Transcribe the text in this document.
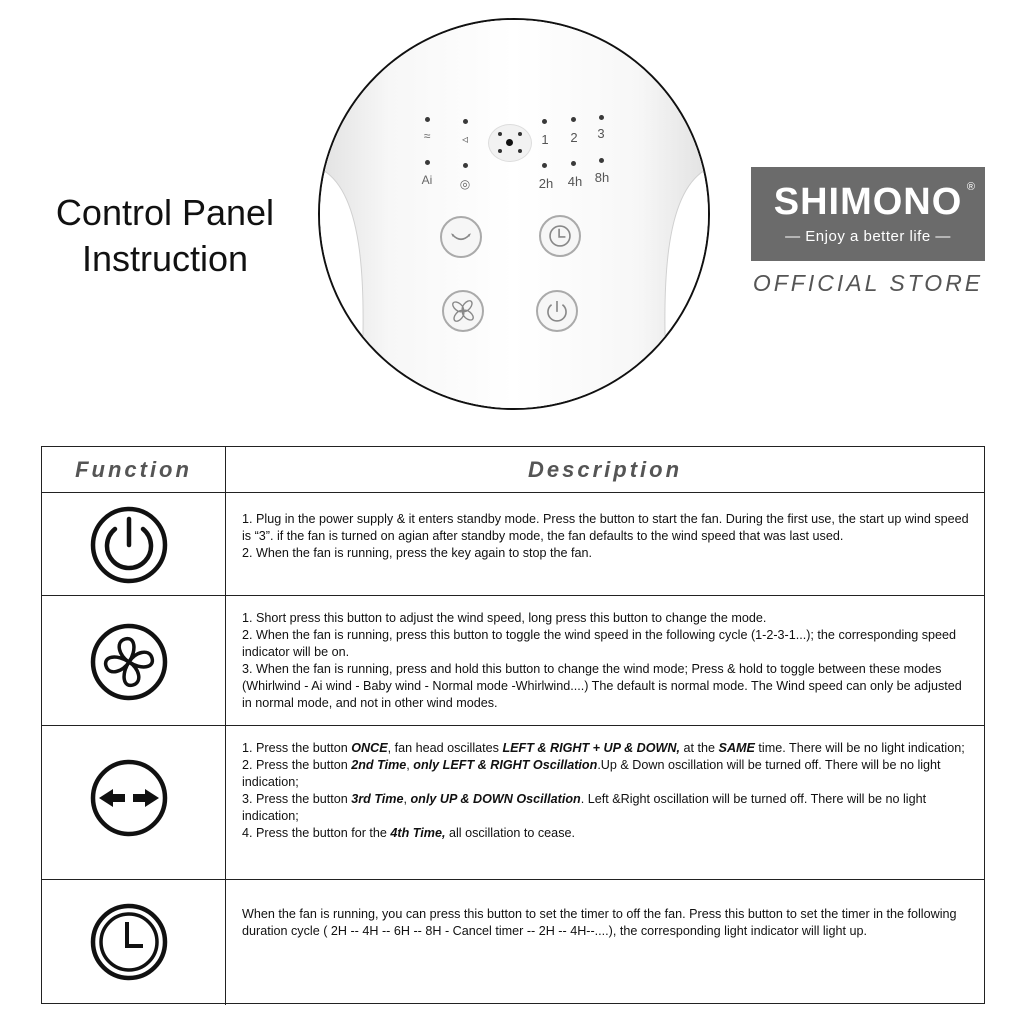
Control Panel
Instruction
≈	◃	1 2 3
Ai ◎	2h 4h 8h
SHIMONO ®
— Enjoy a better life —
OFFICIAL STORE
Function	Description

1. Plug in the power supply & it enters standby mode. Press the button to start the fan. During the first use, the start up wind speed is “3”. if the fan is turned on agian after standby mode, the fan defaults to the wind speed that was last used.

2. When the fan is running, press the key again to stop the fan.

1. Short press this button to adjust the wind speed, long press this button to change the mode.

2. When the fan is running, press this button to toggle the wind speed in the following cycle (1-2-3-1...); the corresponding speed indicator will be on.

3. When the fan is running, press and hold this button to change the wind mode; Press & hold to toggle between these modes (Whirlwind - Ai wind - Baby wind - Normal mode -Whirlwind....) The default is normal mode. The Wind speed can only be adjusted in normal mode, and not in other wind modes.

1. Press the button ONCE, fan head oscillates LEFT & RIGHT + UP & DOWN, at the SAME time. There will be no light indication;

2. Press the button 2nd Time, only LEFT & RIGHT Oscillation.Up & Down oscillation will be turned off. There will be no light indication;

3. Press the button 3rd Time, only UP & DOWN Oscillation. Left &Right oscillation will be turned off. There will be no light indication;

4. Press the button for the 4th Time, all oscillation to cease.

When the fan is running, you can press this button to set the timer to off the fan. Press this button to set the timer in the following duration cycle ( 2H -- 4H -- 6H -- 8H - Cancel timer -- 2H -- 4H--....), the corresponding light indicator will light up.
